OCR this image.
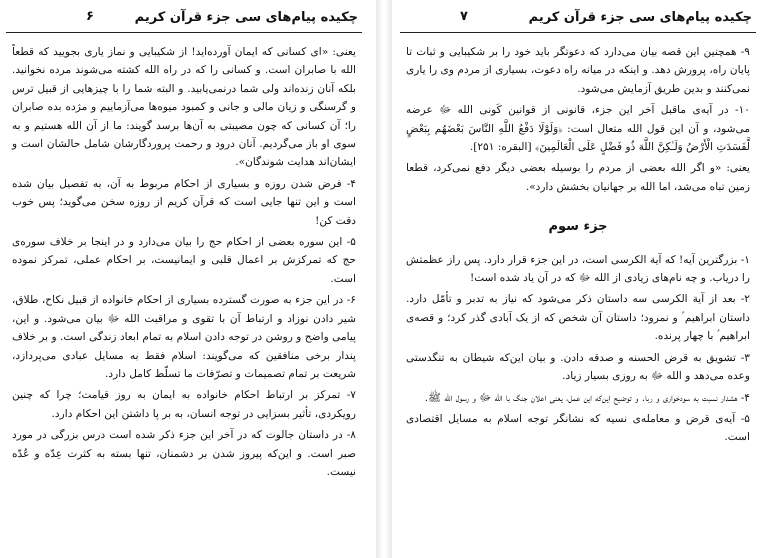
چکیده پیام‌های سی جزء قرآن کریم
۶

یعنی: «ای کسانی که ایمان آورده‌اید! از شکیبایی و نماز یاری بجویید که قطعاً الله با صابران است. و کسانی را که در راه الله کشته می‌شوند مرده نخوانید. بلکه آنان زنده‌اند ولی شما درنمی‌یابید. و البته شما را با چیزهایی از قبیل ترس و گرسنگی و زیان مالی و جانی و کمبود میوه‌ها می‌آزماییم و مژده بده صابران را؛ آن کسانی که چون مصیبتی به آن‌ها برسد گویند: ما از آن الله هستیم و به سوی او باز می‌گردیم. آنان درود و رحمت پروردگارشان شامل حالشان است و ایشان‌اند هدایت شوندگان».

۴- فرض شدن روزه و بسیاری از احکام مربوط به آن، به تفصیل بیان شده است و این تنها جایی است که قرآن کریم از روزه سخن می‌گوید؛ پس خوب دقت کن!

۵- این سوره بعضی از احکام حج را بیان می‌دارد و در اینجا بر خلاف سوره‌ی حج که تمرکزش بر اعمال قلبی و ایمانیست، بر احکام عملی، تمرکز نموده است.

۶- در این جزء به صورت گسترده بسیاری از احکام خانواده از قبیل نکاح، طلاق، شیر دادن نوزاد و ارتباط آن با تقوی و مراقبت الله ﷻ بیان می‌شود. و این، پیامی واضح و روشن در توجه دادن اسلام به تمام ابعاد زندگی است. و بر خلاف پندار برخی منافقین که می‌گویند: اسلام فقط به مسایل عبادی می‌پردازد، شریعت بر تمام تصمیمات و تصرّفات ما تسلّط کامل دارد.

۷- تمرکز بر ارتباط احکام خانواده به ایمان به روز قیامت؛ چرا که چنین رویکردی، تأثیر بسزایی در توجه انسان، به بر پا داشتن این احکام دارد.

۸- در داستان جالوت که در آخر این جزء ذکر شده است درس بزرگی در مورد صبر است. و این‌که پیروز شدن بر دشمنان، تنها بسته به کثرت عِدّه و عُدّه نیست.

چکیده پیام‌های سی جزء قرآن کریم
۷

۹- همچنین این قصه بیان می‌دارد که دعوتگر باید خود را بر شکیبایی و ثبات تا پایان راه، پرورش دهد. و اینکه در میانه راه دعوت، بسیاری از مردم وی را یاری نمی‌کنند و بدین طریق آزمایش می‌شود.

۱۰- در آیه‌ی ماقبل آخر این جزء، قانونی از قوانین کَونی الله ﷻ عرضه می‌شود، و آن این قول الله متعال است: ﴿وَلَوْلَا دَفْعُ اللَّهِ النَّاسَ بَعْضَهُم بِبَعْضٍ لَّفَسَدَتِ الْأَرْضُ وَلَـٰكِنَّ اللَّهَ ذُو فَضْلٍ عَلَى الْعَالَمِينَ﴾ [البقره: ۲۵۱].

یعنی: «و اگر الله بعضی از مردم را بوسیله بعضی دیگر دفع نمی‌کرد، قطعا زمین تباه می‌شد، اما الله بر جهانیان بخشش دارد».

جزء سوم

۱- بزرگترین آیه! که آیة الکرسی است، در این جزء قرار دارد. پس راز عظمتش را دریاب. و چه نام‌های زیادی از الله ﷻ که در آن یاد شده است!

۲- بعد از آیة الکرسی سه داستان ذکر می‌شود که نیاز به تدبر و تأمّل دارد. داستان ابراهیم ؑ و نمرود؛ داستان آن شخص که از یک آبادی گذر کرد؛ و قصه‌ی ابراهیم ؑ با چهار پرنده.

۳- تشویق به قرض الحسنه و صدقه دادن. و بیان این‌که شیطان به تنگدستی وعده می‌دهد و الله ﷻ به روزی بسیار زیاد.

۴- هشدار نسبت به سودخواری و ربا. و توضیح این‌که این عمل، یعنی اعلان جنگ با الله ﷻ و رسول الله ﷺ.

۵- آیه‌ی قرض و معامله‌ی نسیه که نشانگر توجه اسلام به مسایل اقتصادی است.
